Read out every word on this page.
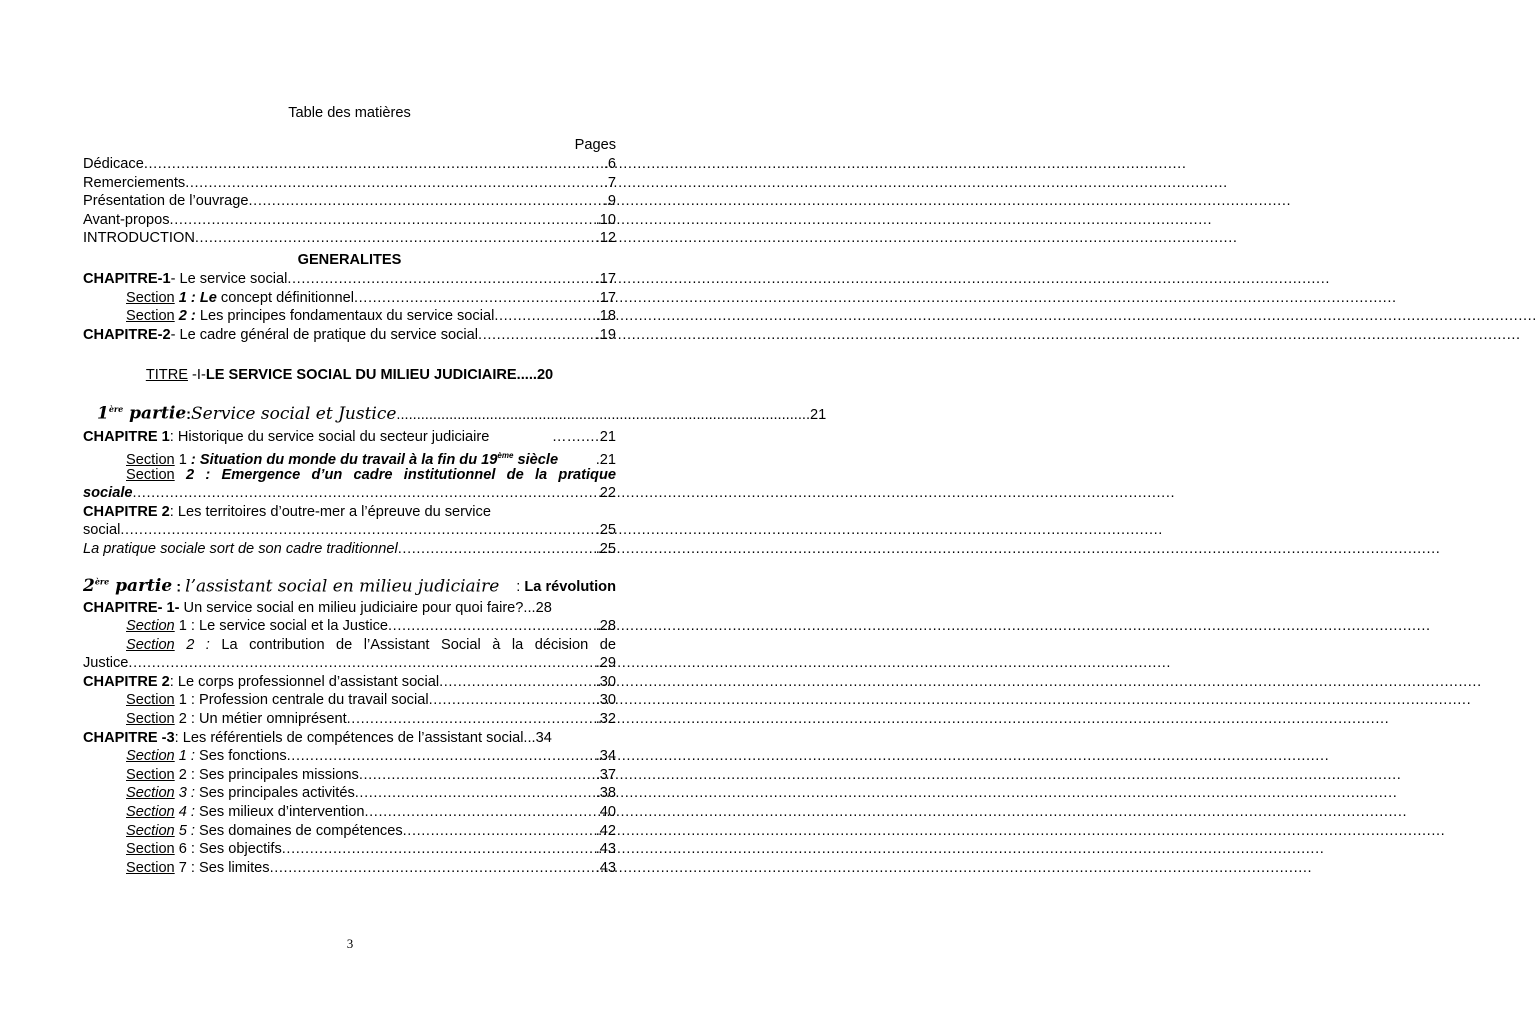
Table des matières
Pages
Dédicace .....	.6
Remerciements .....	.7
Présentation de l’ouvrage .....	.9
Avant-propos .....	.10
INTRODUCTION .....	.12
GENERALITES
CHAPITRE-1- Le service social .....	.17
Section 1 : Le concept définitionnel .....	.17
Section 2 : Les principes fondamentaux du service social .....	.18
CHAPITRE-2- Le cadre général de pratique du service social .....	.19
TITRE -I-LE SERVICE SOCIAL DU MILIEU JUDICIAIRE.....20
1ère partie : Service social et Justice ...................................................................................................... 21
CHAPITRE 1: Historique du service social du secteur judiciaire	…….…21
Section 1 : Situation du monde du travail à la fin du 19ème siècle	.21
Section 2 : Emergence d’un cadre institutionnel de la pratique
sociale .....	22
CHAPITRE 2 : Les territoires d’outre-mer a l’épreuve du service
social .....	.25
La pratique sociale sort de son cadre traditionnel .....	.25
2ère partie : l’assistant social en milieu judiciaire : La révolution
CHAPITRE- 1- Un service social en milieu judiciaire pour quoi faire?...28
Section 1 : Le service social et la Justice .....	.28
Section 2 : La contribution de l’Assistant Social à la décision de
Justice .....	.29
CHAPITRE 2: Le corps professionnel d’assistant social .....	.30
Section 1 : Profession centrale du travail social .....	.30
Section 2 : Un métier omniprésent .....	.32
CHAPITRE -3: Les référentiels de compétences de l’assistant social...34
Section 1 : Ses fonctions .....	.34
Section 2 : Ses principales missions .....	.37
Section 3 : Ses principales activités .....	.38
Section 4 : Ses milieux d’intervention .....	40
Section 5 : Ses domaines de compétences .....	.42
Section 6 : Ses objectifs .....	.43
Section 7 : Ses limites .....	.43
3
